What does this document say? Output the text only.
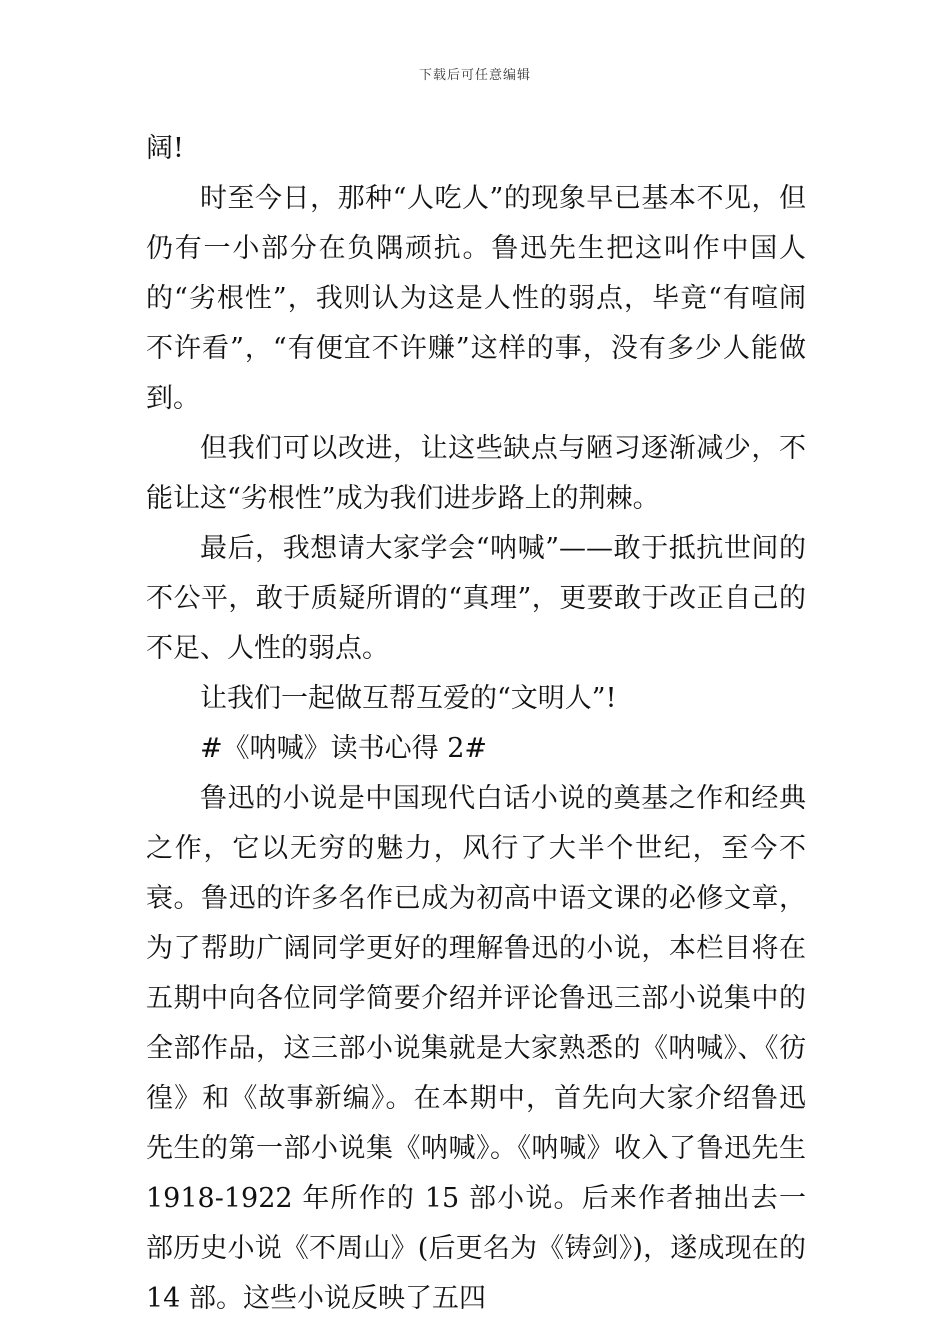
下载后可任意编辑

阔!

时至今日，那种“人吃人”的现象早已基本不见，但仍有一小部分在负隅顽抗。鲁迅先生把这叫作中国人的“劣根性”，我则认为这是人性的弱点，毕竟“有喧闹不许看”，“有便宜不许赚”这样的事，没有多少人能做到。

但我们可以改进，让这些缺点与陋习逐渐减少，不能让这“劣根性”成为我们进步路上的荆棘。

最后，我想请大家学会“呐喊”——敢于抵抗世间的不公平，敢于质疑所谓的“真理”，更要敢于改正自己的不足、人性的弱点。

让我们一起做互帮互爱的“文明人”!

#《呐喊》读书心得 2#

鲁迅的小说是中国现代白话小说的奠基之作和经典之作，它以无穷的魅力，风行了大半个世纪，至今不衰。鲁迅的许多名作已成为初高中语文课的必修文章，为了帮助广阔同学更好的理解鲁迅的小说，本栏目将在五期中向各位同学简要介绍并评论鲁迅三部小说集中的全部作品，这三部小说集就是大家熟悉的《呐喊》、《彷徨》和《故事新编》。在本期中，首先向大家介绍鲁迅先生的第一部小说集《呐喊》。《呐喊》收入了鲁迅先生 1918-1922 年所作的 15 部小说。后来作者抽出去一部历史小说《不周山》(后更名为《铸剑》)，遂成现在的 14 部。这些小说反映了五四
